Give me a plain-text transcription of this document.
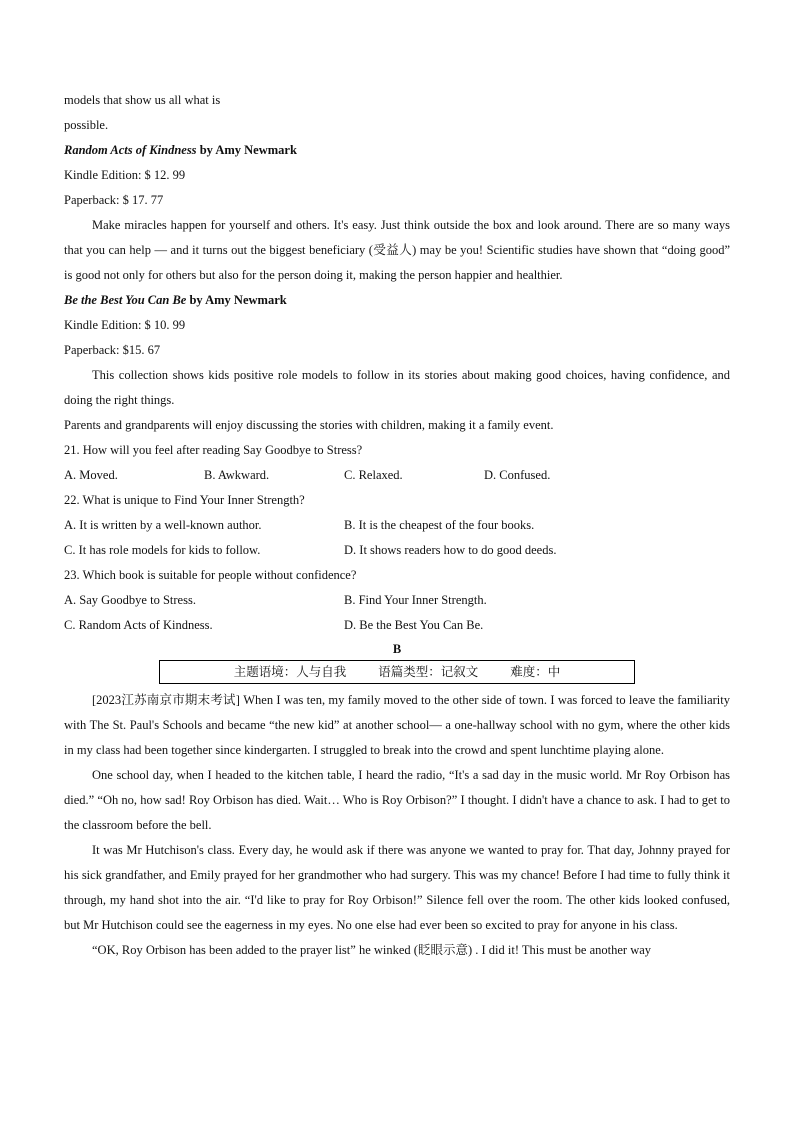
models that show us all what is
possible.
Random Acts of Kindness by Amy Newmark
Kindle Edition: $ 12. 99
Paperback: $ 17. 77
Make miracles happen for yourself and others. It's easy. Just think outside the box and look around. There are so many ways that you can help — and it turns out the biggest beneficiary (受益人) may be you! Scientific studies have shown that “doing good” is good not only for others but also for the person doing it, making the person happier and healthier.
Be the Best You Can Be by Amy Newmark
Kindle Edition: $ 10. 99
Paperback: $15. 67
This collection shows kids positive role models to follow in its stories about making good choices, having confidence, and doing the right things.
Parents and grandparents will enjoy discussing the stories with children, making it a family event.
21. How will you feel after reading Say Goodbye to Stress?
A. Moved.	B. Awkward.	C. Relaxed.	D. Confused.
22. What is unique to Find Your Inner Strength?
A. It is written by a well-known author.	B. It is the cheapest of the four books.
C. It has role models for kids to follow.	D. It shows readers how to do good deeds.
23. Which book is suitable for people without confidence?
A. Say Goodbye to Stress.	B. Find Your Inner Strength.
C. Random Acts of Kindness.	D. Be the Best You Can Be.
B
主题语境：人与自我	语篇类型：记叙文	难度：中
[2023江苏南京市期末考试] When I was ten, my family moved to the other side of town. I was forced to leave the familiarity with The St. Paul's Schools and became “the new kid” at another school— a one-hallway school with no gym, where the other kids in my class had been together since kindergarten. I struggled to break into the crowd and spent lunchtime playing alone.
One school day, when I headed to the kitchen table, I heard the radio, “It's a sad day in the music world. Mr Roy Orbison has died.” “Oh no, how sad! Roy Orbison has died. Wait… Who is Roy Orbison?” I thought. I didn't have a chance to ask. I had to get to the classroom before the bell.
It was Mr Hutchison's class. Every day, he would ask if there was anyone we wanted to pray for. That day, Johnny prayed for his sick grandfather, and Emily prayed for her grandmother who had surgery. This was my chance! Before I had time to fully think it through, my hand shot into the air. “I'd like to pray for Roy Orbison!” Silence fell over the room. The other kids looked confused, but Mr Hutchison could see the eagerness in my eyes. No one else had ever been so excited to pray for anyone in his class.
“OK, Roy Orbison has been added to the prayer list” he winked (眨眼示意) . I did it! This must be another way
